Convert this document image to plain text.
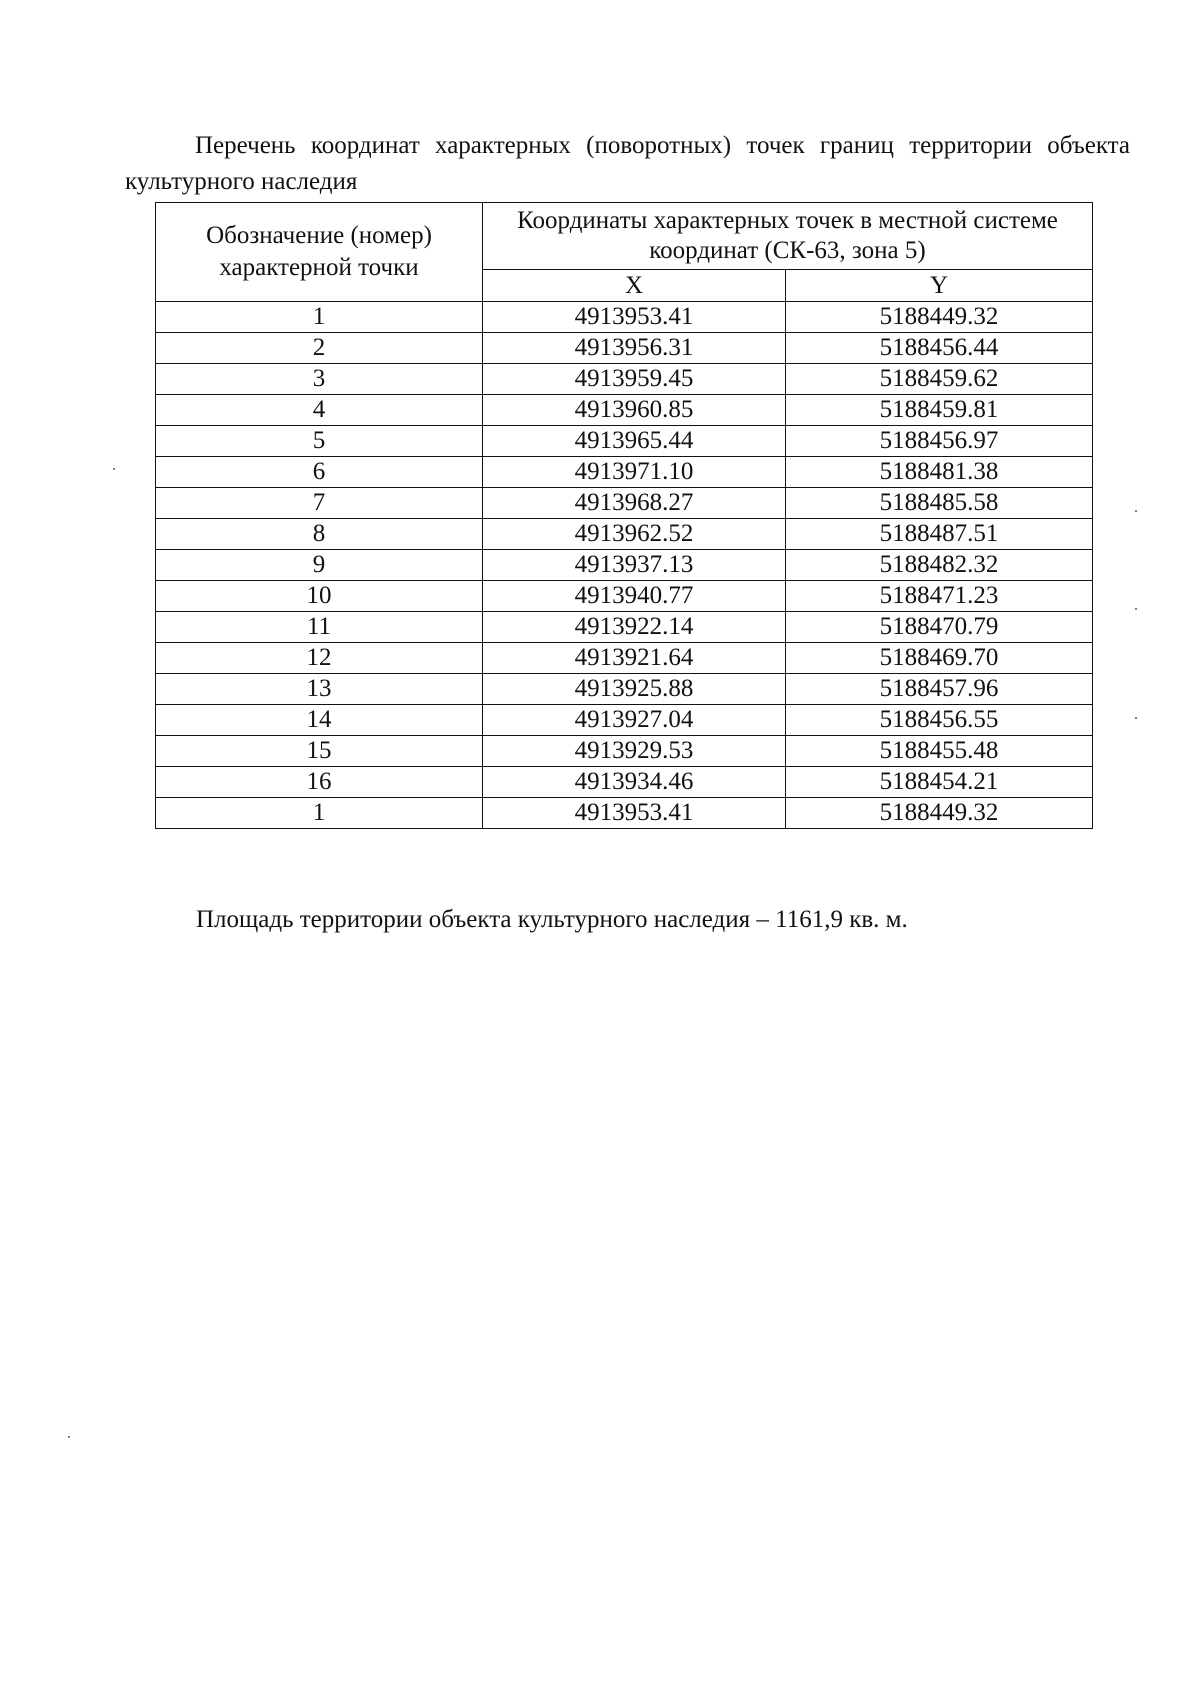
Перечень координат характерных (поворотных) точек границ территории объекта культурного наследия

Обозначение (номер) характерной точки	Координаты характерных точек в местной системе координат (СК-63, зона 5)	
	X	Y
1	4913953.41	5188449.32
2	4913956.31	5188456.44
3	4913959.45	5188459.62
4	4913960.85	5188459.81
5	4913965.44	5188456.97
6	4913971.10	5188481.38
7	4913968.27	5188485.58
8	4913962.52	5188487.51
9	4913937.13	5188482.32
10	4913940.77	5188471.23
11	4913922.14	5188470.79
12	4913921.64	5188469.70
13	4913925.88	5188457.96
14	4913927.04	5188456.55
15	4913929.53	5188455.48
16	4913934.46	5188454.21
1	4913953.41	5188449.32

Площадь территории объекта культурного наследия – 1161,9 кв. м.
